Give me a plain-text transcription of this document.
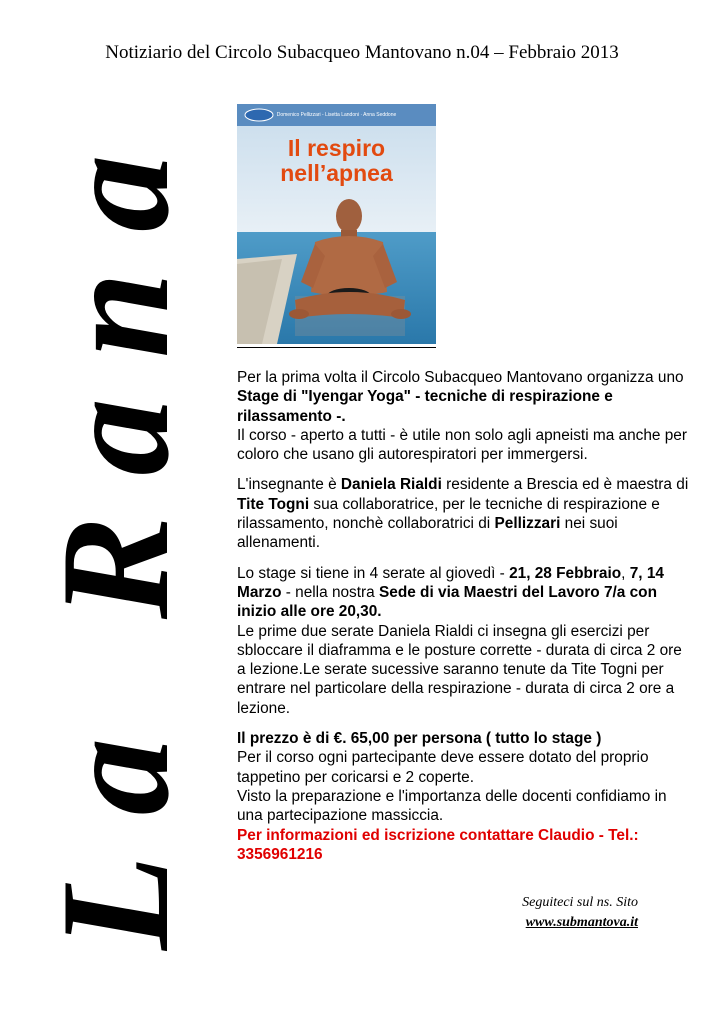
Notiziario del Circolo Subacqueo Mantovano n.04 – Febbraio 2013
La Rana	Domenico Pellizzari - Lisetta Landoni · Anna Seddone
Il respiro
nell’apnea

Per la prima volta il Circolo Subacqueo Mantovano organizza uno Stage di "Iyengar Yoga" - tecniche di respirazione e rilassamento -.
Il corso - aperto a tutti - è utile non solo agli apneisti ma anche per coloro che usano gli autorespiratori per immergersi.

L'insegnante è Daniela Rialdi residente a Brescia ed è maestra di Tite Togni sua collaboratrice, per le tecniche di respirazione e rilassamento, nonchè collaboratrici di Pellizzari nei suoi allenamenti.

Lo stage si tiene in 4 serate al giovedì - 21, 28 Febbraio, 7, 14 Marzo - nella nostra Sede di via Maestri del Lavoro 7/a con inizio alle ore 20,30.
Le prime due serate Daniela Rialdi ci insegna gli esercizi per sbloccare il diaframma e le posture corrette - durata di circa 2 ore a lezione.Le serate sucessive saranno tenute da Tite Togni per entrare nel particolare della respirazione - durata di circa 2 ore a lezione.

Il prezzo è di €. 65,00 per persona ( tutto lo stage )
Per il corso ogni partecipante deve essere dotato del proprio tappetino per coricarsi e 2 coperte.
Visto la preparazione e l'importanza delle docenti confidiamo in una partecipazione massiccia.
Per informazioni ed iscrizione contattare Claudio - Tel.: 3356961216

Seguiteci sul ns. Sito
www.submantova.it
